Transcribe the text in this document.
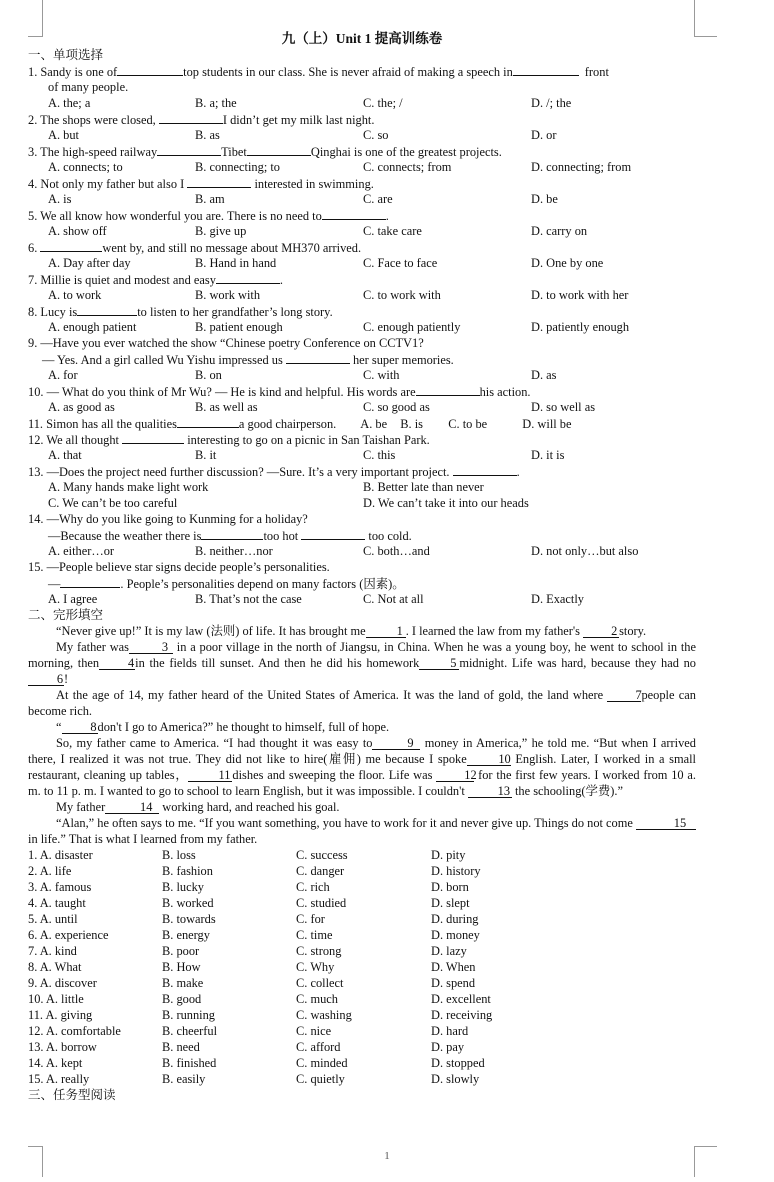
九（上）Unit 1 提高训练卷
一、单项选择
1. Sandy is one of	top students in our class. She is never afraid of making a speech in	front
of many people.
A. the; a	B. a; the	C. the; /	D. /; the
2. The shops were closed,	I didn’t get my milk last night.
A. but	B. as	C. so	D. or
3. The high-speed railway	Tibet	Qinghai is one of the greatest projects.
A. connects; to	B. connecting; to	C. connects; from	D. connecting; from
4. Not only my father but also I	interested in swimming.
A. is	B. am	C. are	D. be
5. We all know how wonderful you are. There is no need to	.
A. show off	B. give up	C. take care	D. carry on
6.	went by, and still no message about MH370 arrived.
A. Day after day	B. Hand in hand	C. Face to face	D. One by one
7. Millie is quiet and modest and easy	.
A. to work	B. work with	C. to work with	D. to work with her
8. Lucy is	to listen to her grandfather’s long story.
A. enough patient	B. patient enough	C. enough patiently	D. patiently enough
9. —Have you ever watched the show “Chinese poetry Conference on CCTV1?
— Yes. And a girl called Wu Yishu impressed us	her super memories.
A. for	B. on	C. with	D. as
10. — What do you think of Mr Wu? — He is kind and helpful. His words are	his action.
A. as good as	B. as well as	C. so good as	D. so well as
11. Simon has all the qualities	a good chairperson. A. be B. is C. to be	D. will be
12. We all thought	interesting to go on a picnic in San Taishan Park.
A. that	B. it	C. this	D. it is
13. —Does the project need further discussion? —Sure. It’s a very important project.	.
A. Many hands make light work	B. Better late than never
C. We can’t be too careful	D. We can’t take it into our heads
14. —Why do you like going to Kunming for a holiday?
—Because the weather there is	too hot	too cold.
A. either…or	B. neither…nor	C. both…and	D. not only…but also
15. —People believe star signs decide people’s personalities.
—	. People’s personalities depend on many factors (因素)。
A. I agree	B. That’s not the case	C. Not at all	D. Exactly
二、完形填空
“Never give up!” It is my law (法则) of life. It has brought me 1 . I learned the law from my father's	2 story.
My father was	3 in a poor village in the north of Jiangsu, in China. When he was a young boy, he went to school in the morning, then 4in the fields till sunset. And then he did his homework 5 midnight. Life was hard, because they had no6!
At the age of 14, my father heard of the United States of America. It was the land of gold, the land where	7people can become rich.
“ 8don't I go to America?” he thought to himself, full of hope.
So, my father came to America. “I had thought it was easy to	9 money in America,” he told me. “But when I arrived there, I realized it was not true. They did not like to hire(雇佣) me because I spoke	10 English. Later, I worked in a small restaurant, cleaning up tables， 11 dishes and sweeping the floor. Life was	12 for the first few years. I worked from 10 a. m. to 11 p. m. I wanted to go to school to learn English, but it was impossible. I couldn't 13 the schooling(学费).”
My father	14 working hard, and reached his goal.
“Alan,” he often says to me. “If you want something, you have to work for it and never give up. Things do not come	15 in life.” That is what I learned from my father.
1. A. disaster	B. loss	C. success	D. pity
2. A. life	B. fashion	C. danger	D. history
3. A. famous	B. lucky	C. rich	D. born
4. A. taught	B. worked	C. studied	D. slept
5. A. until	B. towards	C. for	D. during
6. A. experience	B. energy	C. time	D. money
7. A. kind	B. poor	C. strong	D. lazy
8. A. What	B. How	C. Why	D. When
9. A. discover	B. make	C. collect	D. spend
10. A. little	B. good	C. much	D. excellent
11. A. giving	B. running	C. washing	D. receiving
12. A. comfortable	B. cheerful	C. nice	D. hard
13. A. borrow	B. need	C. afford	D. pay
14. A. kept	B. finished	C. minded	D. stopped
15. A. really	B. easily	C. quietly	D. slowly
三、任务型阅读
1
